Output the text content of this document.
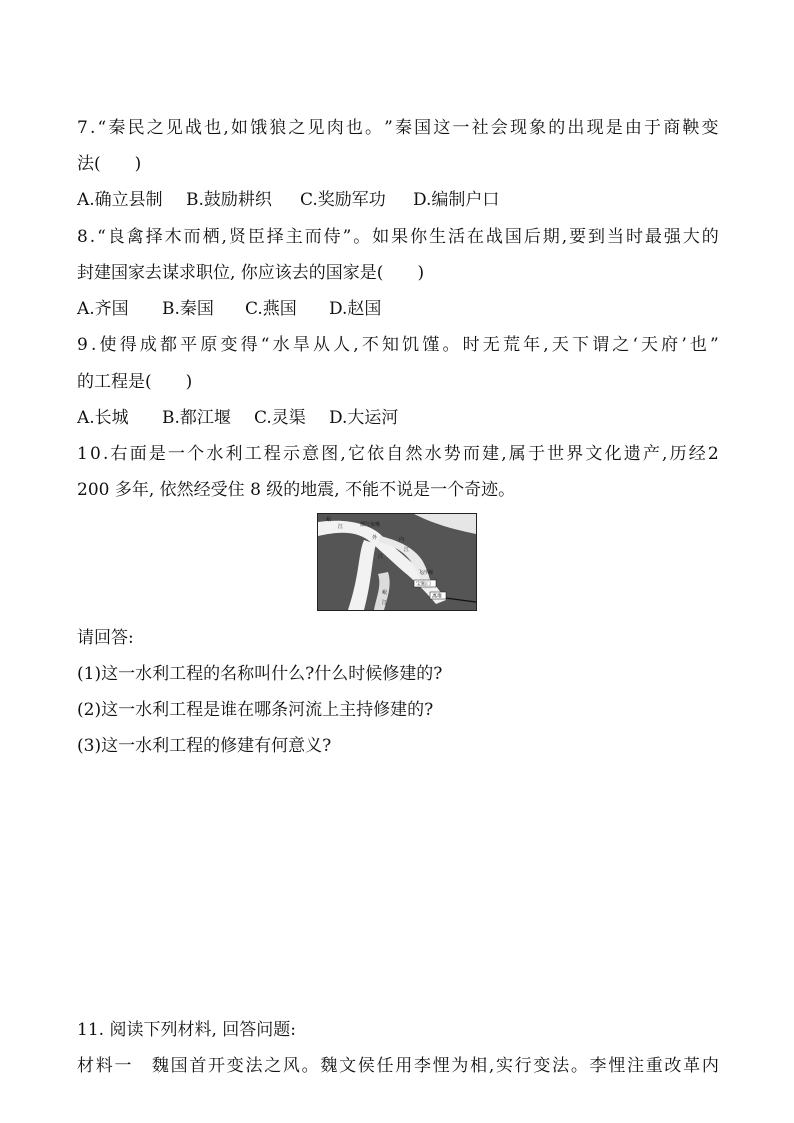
7 . “ 秦 民 之 见 战 也 , 如 饿 狼 之 见 肉 也 。 ” 秦 国 这 一 社 会 现 象 的 出 现 是 由 于 商 鞅 变
法(　　)
A.确立县制 B.鼓励耕织 C.奖励军功 D.编制户口
8 . “ 良 禽 择 木 而 栖 , 贤 臣 择 主 而 侍 ” 。 如 果 你 生 活 在 战 国 后 期 , 要 到 当 时 最 强 大 的
封建国家去谋求职位, 你应该去的国家是(　　)
A.齐国 B.秦国 C.燕国 D.赵国
9 . 使 得 成 都 平 原 变 得 “ 水 旱 从 人 , 不 知 饥 馑 。 时 无 荒 年 , 天 下 谓 之 ‘ 天 府 ’ 也 ”
的工程是(　　)
A.长城 B.都江堰 C.灵渠 D.大运河
1 0 . 右 面 是 一 个 水 利 工 程 示 意 图 , 它 依 自 然 水 势 而 建 , 属 于 世 界 文 化 遗 产 , 历 经 2
200 多年, 依然经受住 8 级的地震, 不能不说是一个奇迹。
岷
江	都江鱼嘴
外	内
江
江
飞沙堰
宝瓶口
离堆
岷
江
请回答:
(1)这一水利工程的名称叫什么?什么时候修建的?
(2)这一水利工程是谁在哪条河流上主持修建的?
(3)这一水利工程的修建有何意义?
11. 阅读下列材料, 回答问题:
材 料 一
　 魏 国 首 开 变 法 之 风 。 魏 文 侯 任 用 李 悝 为 相 , 实 行 变 法 。 李 悝 注 重 改 革 内
